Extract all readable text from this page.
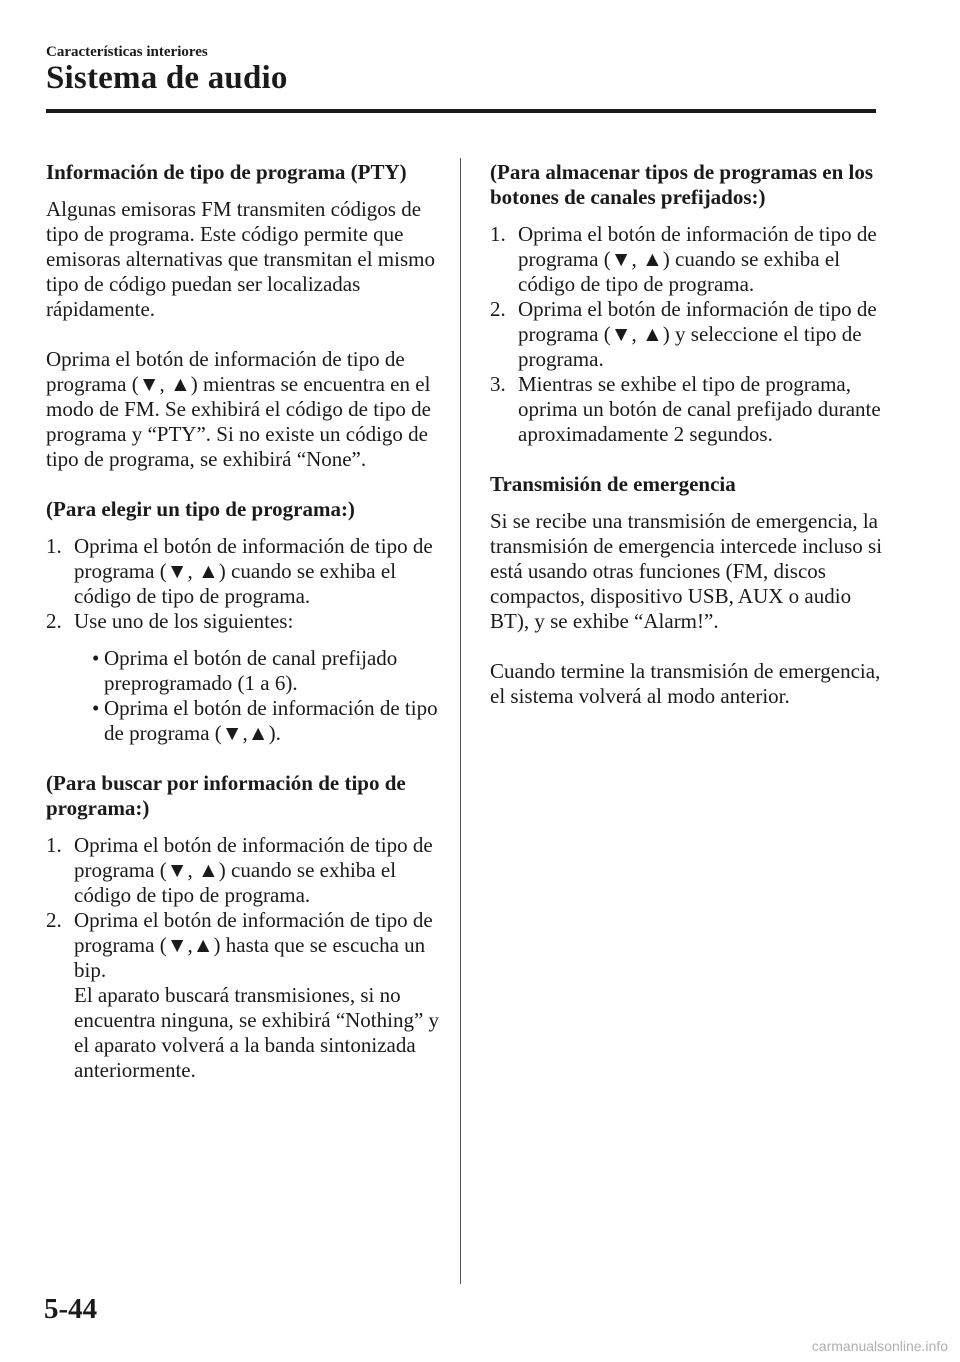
Características interiores
Sistema de audio
Información de tipo de programa (PTY)

Algunas emisoras FM transmiten códigos de tipo de programa. Este código permite que emisoras alternativas que transmitan el mismo tipo de código puedan ser localizadas rápidamente.

Oprima el botón de información de tipo de programa (▼, ▲) mientras se encuentra en el modo de FM. Se exhibirá el código de tipo de programa y “PTY”. Si no existe un código de tipo de programa, se exhibirá “None”.

(Para elegir un tipo de programa:)
1. Oprima el botón de información de tipo de programa (▼, ▲) cuando se exhiba el código de tipo de programa.
2. Use uno de los siguientes:
• Oprima el botón de canal prefijado preprogramado (1 a 6).
• Oprima el botón de información de tipo de programa (▼,▲).
(Para buscar por información de tipo de programa:)
1. Oprima el botón de información de tipo de programa (▼, ▲) cuando se exhiba el código de tipo de programa.
2. Oprima el botón de información de tipo de programa (▼,▲) hasta que se escucha un bip.

El aparato buscará transmisiones, si no encuentra ninguna, se exhibirá “Nothing” y el aparato volverá a la banda sintonizada anteriormente.

(Para almacenar tipos de programas en los botones de canales prefijados:)
1. Oprima el botón de información de tipo de programa (▼, ▲) cuando se exhiba el código de tipo de programa.
2. Oprima el botón de información de tipo de programa (▼, ▲) y seleccione el tipo de programa.
3. Mientras se exhibe el tipo de programa, oprima un botón de canal prefijado durante aproximadamente 2 segundos.
Transmisión de emergencia

Si se recibe una transmisión de emergencia, la transmisión de emergencia intercede incluso si está usando otras funciones (FM, discos compactos, dispositivo USB, AUX o audio BT), y se exhibe “Alarm!”.

Cuando termine la transmisión de emergencia, el sistema volverá al modo anterior.

5-44
carmanualsonline.info
